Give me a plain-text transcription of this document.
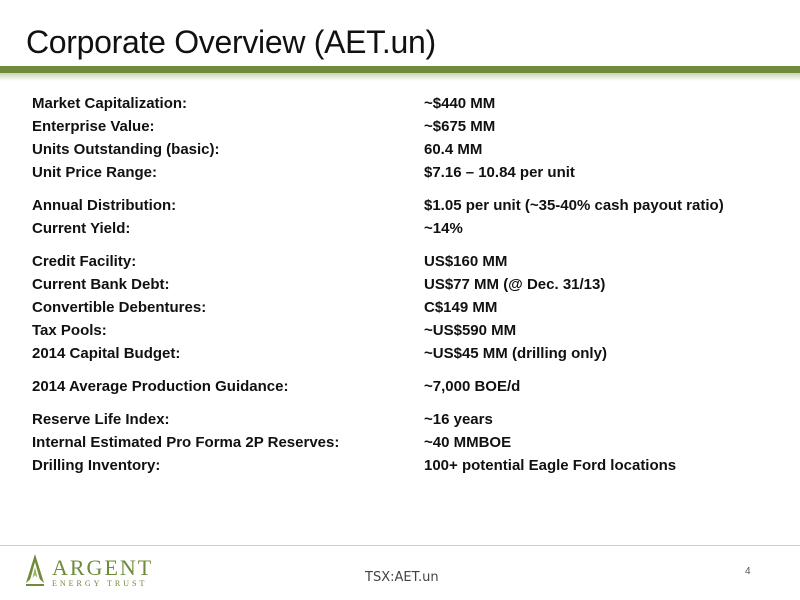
Corporate Overview (AET.un)
Market Capitalization:	~$440 MM
Enterprise Value:	~$675 MM
Units Outstanding (basic):	60.4 MM
Unit Price Range:	$7.16 – 10.84 per unit
Annual Distribution:	$1.05 per unit (~35-40% cash payout ratio)
Current Yield:	~14%
Credit Facility:	US$160 MM
Current Bank Debt:	US$77 MM (@ Dec. 31/13)
Convertible Debentures:	C$149 MM
Tax Pools:	~US$590 MM
2014 Capital Budget:	~US$45 MM (drilling only)
2014 Average Production Guidance:	~7,000 BOE/d
Reserve Life Index:	~16 years
Internal Estimated Pro Forma 2P Reserves:	~40 MMBOE
Drilling Inventory:	100+ potential Eagle Ford locations
ARGENT
ENERGY TRUST	TSX:AET.un	4
